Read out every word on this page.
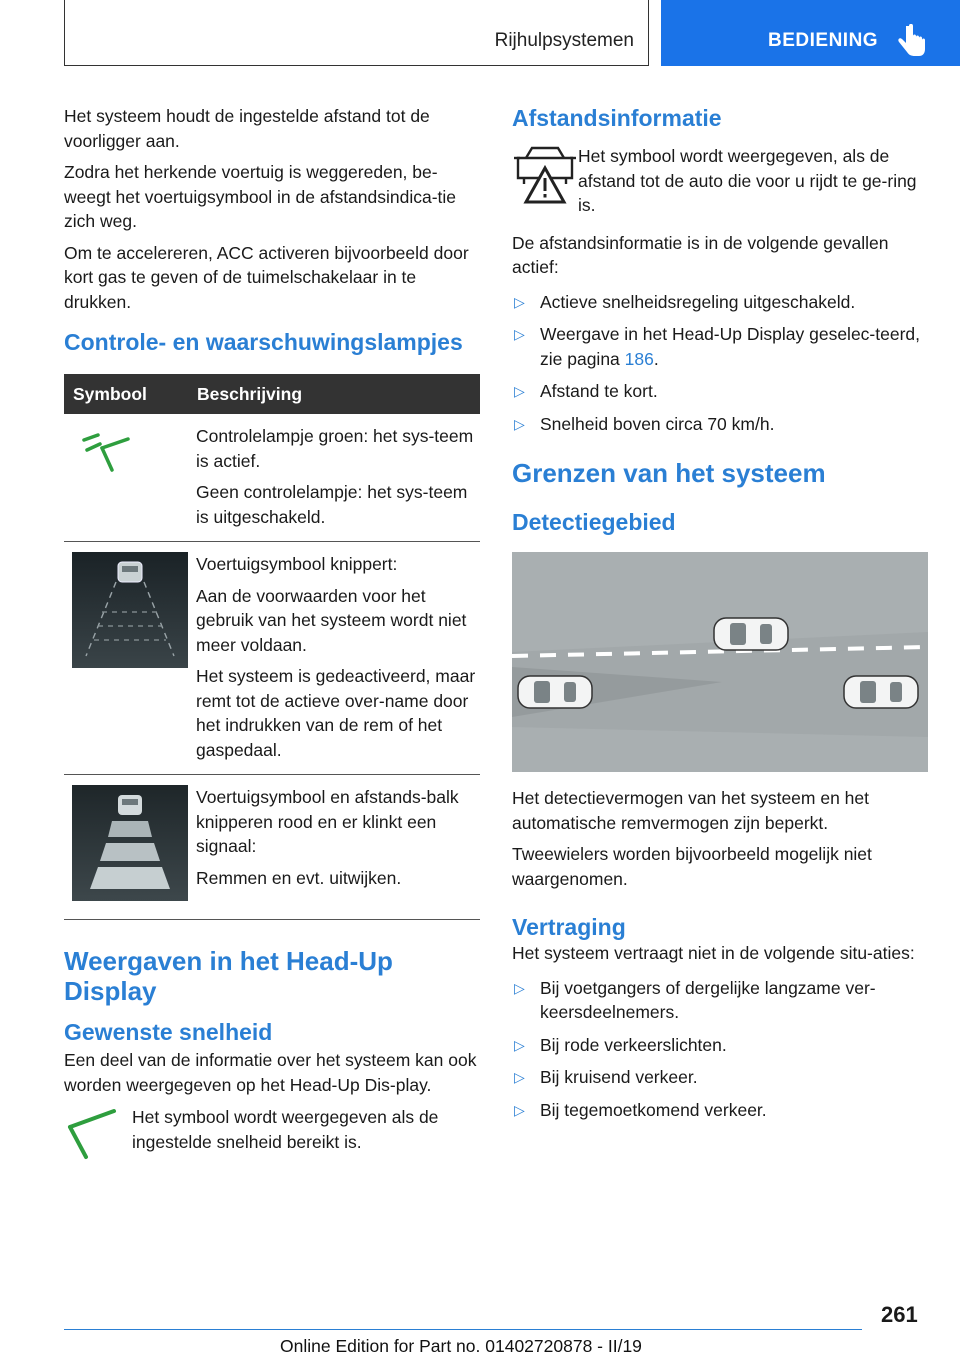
Rijhulpsystemen	BEDIENING

Het systeem houdt de ingestelde afstand tot de voorligger aan.

Zodra het herkende voertuig is weggereden, be‐weegt het voertuigsymbool in de afstandsindica‐tie zich weg.

Om te accelereren, ACC activeren bijvoorbeeld door kort gas te geven of de tuimelschakelaar in te drukken.

Controle- en waarschuwingslampjes
Symbool	Beschrijving
Controlelampje groen: het sys‐teem is actief.
Geen controlelampje: het sys‐teem is uitgeschakeld.
Voertuigsymbool knippert:
Aan de voorwaarden voor het gebruik van het systeem wordt niet meer voldaan.
Het systeem is gedeactiveerd, maar remt tot de actieve over‐name door het indrukken van de rem of het gaspedaal.
Voertuigsymbool en afstands‐balk knipperen rood en er klinkt een signaal:
Remmen en evt. uitwijken.
Weergaven in het Head-Up Display
Gewenste snelheid

Een deel van de informatie over het systeem kan ook worden weergegeven op het Head-Up Dis‐play.

Het symbool wordt weergegeven als de ingestelde snelheid bereikt is.

Afstandsinformatie

Het symbool wordt weergegeven, als de afstand tot de auto die voor u rijdt te ge‐ring is.

De afstandsinformatie is in de volgende gevallen actief:

▷ Actieve snelheidsregeling uitgeschakeld.
▷ Weergave in het Head-Up Display geselec‐teerd, zie pagina 186.
▷ Afstand te kort.
▷ Snelheid boven circa 70 km/h.
Grenzen van het systeem
Detectiegebied

Het detectievermogen van het systeem en het automatische remvermogen zijn beperkt.

Tweewielers worden bijvoorbeeld mogelijk niet waargenomen.

Vertraging

Het systeem vertraagt niet in de volgende situ‐aties:

▷ Bij voetgangers of dergelijke langzame ver‐keersdeelnemers.
▷ Bij rode verkeerslichten.
▷ Bij kruisend verkeer.
▷ Bij tegemoetkomend verkeer.
261
Online Edition for Part no. 01402720878 - II/19
